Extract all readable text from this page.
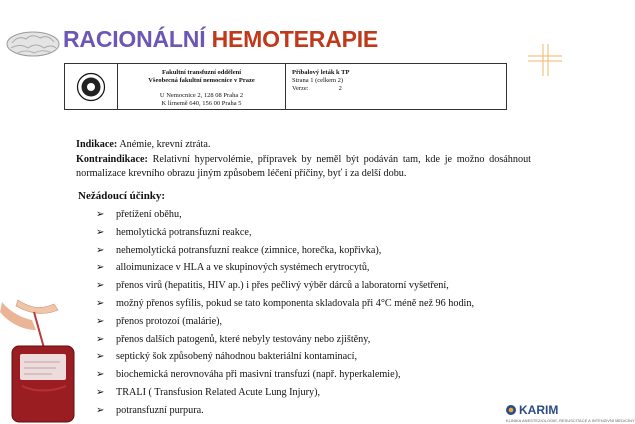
RACIONÁLNÍ HEMOTERAPIE
Fakultní transfuzní oddělení
Všeobecná fakultní nemocnice v Praze
U Nemocnice 2, 128 08 Praha 2
K lírnemě 640, 156 00 Praha 5
Příbalový leták k TP
Strana 1 (celkem 2)
Verze:	2
Indikace: Anémie, krevní ztráta.
Kontraindikace: Relativní hypervolémie, přípravek by neměl být podáván tam, kde je možno dosáhnout normalizace krevního obrazu jiným způsobem léčení příčiny, byť i za delší dobu.
Nežádoucí účinky:
➢ přetížení oběhu,
➢ hemolytická potransfuzní reakce,
➢ nehemolytická potransfuzní reakce (zimnice, horečka, kopřivka),
➢ alloimunizace v HLA a ve skupinových systémech erytrocytů,
➢ přenos virů (hepatitis, HIV ap.) i přes pečlivý výběr dárců a laboratorní vyšetření,
➢ možný přenos syfilis, pokud se tato komponenta skladovala při 4°C méně než 96 hodin,
➢ přenos protozoí (malárie),
➢ přenos dalších patogenů, které nebyly testovány nebo zjištěny,
➢ septický šok způsobený náhodnou bakteriální kontaminací,
➢ biochemická nerovnováha při masivní transfuzi (např. hyperkalemie),
➢ TRALI ( Transfusion Related Acute Lung Injury),
➢ potransfuzní purpura.	KARIM
KLINIKA ANESTEZIOLOGIE, RESUSCITACE A INTENZIVNÍ MEDICÍNY
